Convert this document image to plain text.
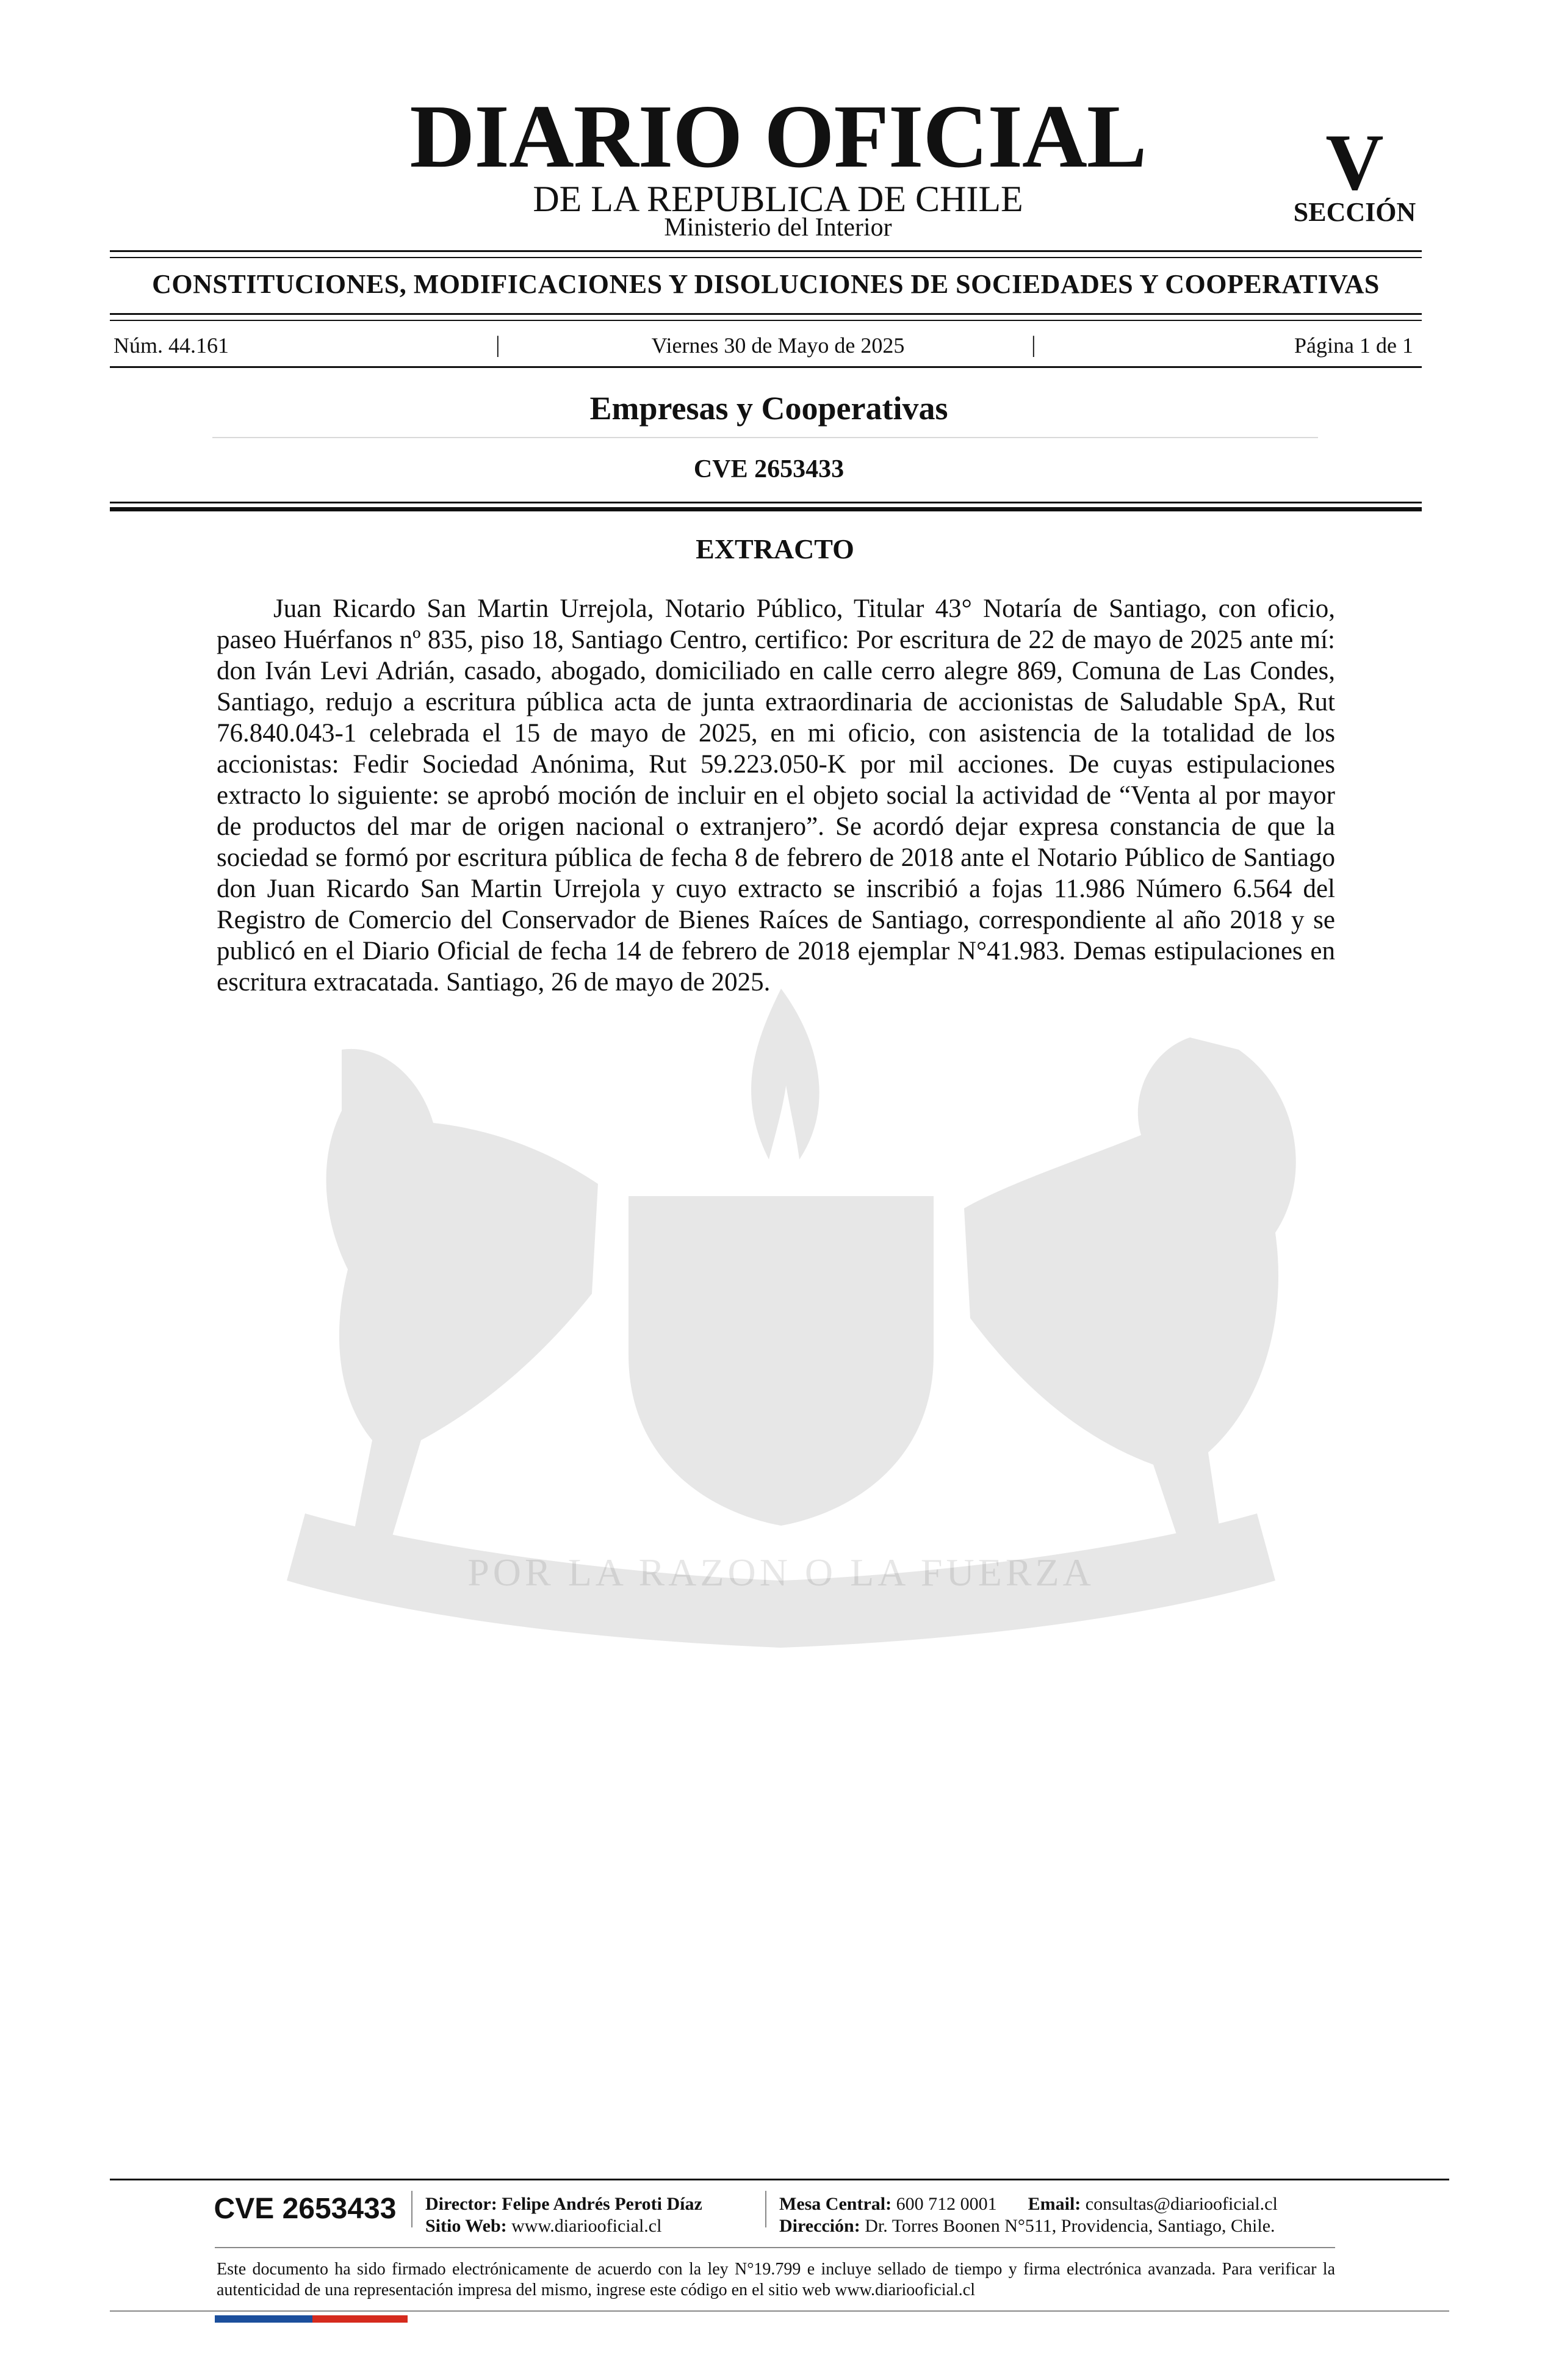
DIARIO OFICIAL
DE LA REPUBLICA DE CHILE
Ministerio del Interior
V
SECCIÓN
CONSTITUCIONES, MODIFICACIONES Y DISOLUCIONES DE SOCIEDADES Y COOPERATIVAS
Núm. 44.161	|	Viernes 30 de Mayo de 2025	|	Página 1 de 1
Empresas y Cooperativas
CVE 2653433
POR LA RAZON O LA FUERZA
EXTRACTO

Juan Ricardo San Martin Urrejola, Notario Público, Titular 43° Notaría de Santiago, con oficio, paseo Huérfanos nº 835, piso 18, Santiago Centro, certifico: Por escritura de 22 de mayo de 2025 ante mí: don Iván Levi Adrián, casado, abogado, domiciliado en calle cerro alegre 869, Comuna de Las Condes, Santiago, redujo a escritura pública acta de junta extraordinaria de accionistas de Saludable SpA, Rut 76.840.043-1 celebrada el 15 de mayo de 2025, en mi oficio, con asistencia de la totalidad de los accionistas: Fedir Sociedad Anónima, Rut 59.223.050-K por mil acciones. De cuyas estipulaciones extracto lo siguiente: se aprobó moción de incluir en el objeto social la actividad de “Venta al por mayor de productos del mar de origen nacional o extranjero”. Se acordó dejar expresa constancia de que la sociedad se formó por escritura pública de fecha 8 de febrero de 2018 ante el Notario Público de Santiago don Juan Ricardo San Martin Urrejola y cuyo extracto se inscribió a fojas 11.986 Número 6.564 del Registro de Comercio del Conservador de Bienes Raíces de Santiago, correspondiente al año 2018 y se publicó en el Diario Oficial de fecha 14 de febrero de 2018 ejemplar N°41.983. Demas estipulaciones en escritura extracatada. Santiago, 26 de mayo de 2025.

CVE 2653433	Director: Felipe Andrés Peroti Díaz
Sitio Web: www.diariooficial.cl
Mesa Central: 600 712 0001 Email: consultas@diariooficial.cl
Dirección: Dr. Torres Boonen N°511, Providencia, Santiago, Chile.

Este documento ha sido firmado electrónicamente de acuerdo con la ley N°19.799 e incluye sellado de tiempo y firma electrónica avanzada. Para verificar la autenticidad de una representación impresa del mismo, ingrese este código en el sitio web www.diariooficial.cl
